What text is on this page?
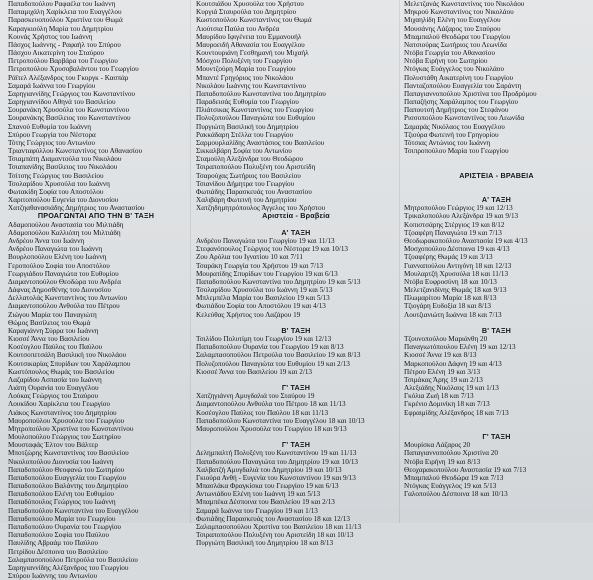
Παπαδοπούλου Ραφαέλα του Ιωάννη
Παπαμιχάλη Χαρίκλεια του Ευαγγέλου
Παρασκευοπούλου Χριστίνα του Θωμά
Καραγκιούλη Μαρία του Δημητρίου
Κουνάς Χρήστος του Ιωάννη
Πάσχος Ιωάννης - Ραφαήλ του Σπύρου
Πάσχου Αικατερίνη του Σταύρου
Πετροπούλου Βαρβάρα του Γεωργίου
Πετροπούλου Χρυσοβαλάντου του Γεωργίου
Ράϊτελ Αλέξανδρος του Γκοργκ - Κασπάρ
Σαμαρά Ιωάννα του Γεωργίου
Σαρηγιαννίδης Γεώργιος του Κωνσταντίνου
Σαρηγιαννίδου Αθηνά του Βασιλείου
Σουρανάκη Χρυσούλα του Κωνσταντίνου
Σουρανάκης Βασίλειος του Κωνσταντίνου
Σπανού Ευθυμία του Ιωάννη
Σπύρου Γεωργία του Νέστορα
Τότης Γεώργιος του Αντωνίου
Τριανταφύλλου Κωνσταντίνος του Αθανασίου
Τσιαμπάτη Διαμαντούλα του Νικολάου
Τσιαπανίδης Βασίλειος του Νικολάου
Τσίτσης Γεώργιος του Βασιλείου
Τσολαρίδου Χρυσούλα του Ιωάννη
Φωτακίδη Σοφία του Αποστόλου
Χαριτοπούλου Ευγενία του Διονυσίου
Χατζηαθανασιάδης Δημήτριος του Αναστασίου
ΠΡΟΑΓΩΝΤΑΙ ΑΠΟ ΤΗΝ Β' ΤΑΞΗ
Αδαμοπούλου Αναστασία του Μιλτιάδη
Αδαμοπούλου Καλλιόπη του Μιλτιάδη
Ανδρέου Άννα του Ιωάννη
Ανδρέου Παναγιώτα του Ιωάννη
Βουρλοπούλου Ελένη του Ιωάννη
Γεροπούλου Σοφία του Αποστόλου
Γεωργιάδου Παναγιώτα του Ευθυμίου
Διαμαντοπούλου Θεοδώρα του Ανδρέα
Δάφνας Δημοσθένης του Διονυσίου
Δελλατολάς Κωνσταντίνος του Αντωνίου
Διαμαντοπούλου Ανθούλα του Πέτρου
Ζιώγου Μαρία του Παναγιώτη
Θώμος Βασίλειος του Θωμά
Καραγιάννη Σύρρα του Ιωάννη
Κιοσσέ Άννα του Βασιλείου
Κοσέογλου Παύλος του Παύλου
Κουτσοπετσάλη Βασιλική του Νικολάου
Κουτσικαρίας Σπυρίδων του Χαράλαμπου
Κωστόπουλος Θωμάς του Βασιλείου
Λαζαρίδου Ασπασία του Ιωάννη
Λιάπη Ουρανία του Ευαγγέλου
Λούκας Γεώργιος του Σταύρου
Λουκίδου Χαρίκλεια του Γεωργίου
Λιάκος Κωνσταντίνος του Δημητρίου
Μαυροπούλου Χρυσούλα του Γεωργίου
Μητροπούλου Χριστίνα του Κωνσταντίνου
Μουλοπούλου Γεώργιος του Σωτηρίου
Μουσταφάς Έλτον του Βάλτερ
Μποτζώρης Κωνσταντίνος του Βασιλείου
Νικολοπούλου Διονυσία του Ιωάννη
Παπαδοπούλου Θεοφανώ του Σωτηρίου
Παπαδοπούλου Ευαγγελία του Γεωργίου
Παπαδοπούλου Βαλάντης του Δημητρίου
Παπαδοπούλου Ελένη του Ευθυμίου
Παπαδόπουλος Γεώργιος του Ιωάννη
Παπαδοπούλου Κωνσταντίνα του Ευαγγέλου
Παπαδοπούλου Μαρία του Γεωργίου
Παπαδοπούλου Ουρανία του Γεωργίου
Παπαδοπούλου Σοφία του Παύλου
Παυλίδης Αβραάμ του Παύλου
Πετρίδου Δέσποινα του Βασιλείου
Σαλαμπασοπούλου Πετρούλα του Βασιλείου
Σαρηγιαννίδης Αλέξανδρος του Γεωργίου
Σπύρου Ιωάννης του Αντωνίου
Κουτσιάδου Χρυσούλα του Χρήστου
Κυργιά Σταυρούλα του Δημητρίου
Κωστοπούλου Κωνσταντίνος του Θωμά
Λιούτσια Παύλα του Ανδρέα
Μαυρίδου Ιφιγένεια του Εμμανουήλ
Μαυροειδή Αθανασία του Ευαγγέλου
Κουντουριάνη Γεσθημανή του Μιχαήλ
Μόσχου Πολυξένη του Γεωργίου
Μουντζούρη Μαρία του Γεωργίου
Μπαντέ Γρηγόριος του Νικολάου
Νικολάου Ιωάννης του Κωνσταντίνου
Παπαδοπούλου Κωνσταντίνα του Δημητρίου
Παραδεισάς Ευθυμία του Γεωργίου
Πλιάτσικας Κωνσταντίνος του Γεωργίου
Πολυζοπούλου Παναγιώτα του Ευθυμίου
Πυργιώτη Βασιλική του Δημητρίου
Ρακκάδαρη Στέλλα του Γεωργίου
Σαρμουρλαλίδης Αναστάσιος του Βασιλείου
Σικκαλβάρη Σοφία του Αντωνίου
Σταμούλη Αλεξάνδρα του Θεοδώρου
Τσιραποπούλου Πολυξένη του Αριστείδη
Τσαρούχας Σωτήριος του Βασιλείου
Τσιανίδου Δήμητρα του Γεωργίου
Φωτιάδης Παρασκευάς του Αναστασίου
Χαλιβάρη Φωτεινή του Δημητρίου
Χατζηδημητρόπουλος Άγγελος του Χρήστου
Αριστεία - Βραβεία
Α' ΤΑΞΗ
Ανδρέου Παναγιώτα του Γεωργίου 19 και 11/13
Στεφανόπουλος Γεώργιος του Νέστορα 19 και 10/13
Ζου Αρόλια του Ιγνατίου 10 και 7/11
Τσαράκη Γεωργία του Χρήστου 19 και 7/13
Μουρατίδης Σπυρίδων του Γεωργίου 19 και 6/13
Παπαδοπούλου Κωνσταντίνα του Δημητρίου 19 και 5/13
Τσολαρίδου Χρυσούλα του Ιωάννη 19 και 5/13
Μπλεμπέλα Μαρία του Βασιλείου 19 και 5/13
Φωτιάδου Σοφία του Αποστόλου 19 και 4/13
Κελεύθας Χρήστος του Λαζάρου 19
Β' ΤΑΞΗ
Τσιλίδου Πολυτίμη του Γεωργίου 19 και 12/13
Παπαδοπούλου Ουρανία του Γεωργίου 19 και 8/13
Σαλαμπασοπούλου Πετρούλα του Βασιλείου 19 και 8/13
Πολυζοπούλου Παναγιώτα του Ευθυμίου 19 και 2/13
Κιοσσέ Άννα του Βασιλείου 19 και 2/13
Γ' ΤΑΞΗ
Χατζηγιάννη Αμυγδαλιά του Σταύρου 19
Διαμαντοπούλου Ανθούλα του Πέτρου 18 και 11/13
Κοσέογλου Παύλος του Παύλου 18 και 11/13
Παπαδοπούλου Κωνσταντίνα του Ευαγγέλου 18 και 10/13
Μαυροπούλου Χρυσούλα του Γεωργίου 18 και 9/13
Γ' ΤΑΞΗ
Δελημπαλτή Πολυξένη του Κωνσταντίνου 19 και 11/13
Παπαδοπούλου Παναγιώτα του Δημητρίου 19 και 10/13
Χαλβατζή Αμυγδαλιά του Δημητρίου 19 και 10/13
Γκιούρα Ανθή - Ευγενία του Κωνσταντίνου 19 και 9/13
Μπασλάκα Φραγκίσκα του Γεωργίου 19 και 6/13
Αντωνιάδου Ελένη του Ιωάννη 19 και 5/13
Μπαμπέκα Δέσποινα του Βασιλείου 19 και 2/13
Σαμαρά Ιωάννα του Γεωργίου 19 και 1/13
Φωτιάδης Παρασκευάς του Αναστασίου 18 και 12/13
Σαλαμπασοπούλου Χριστίνα του Βασιλείου 18 και 11/13
Τσιραποπούλου Πολυξένη του Αριστείδη 18 και 10/13
Πυργιώτη Βασιλική του Δημητρίου 18 και 8/13
Μελετζανάς Κωνσταντίνος του Νικολάου
Μηκρού Κωνσταντίνος του Νικολάου
Μιχαηλίδη Ελένη του Ευαγγέλου
Μουσάνης Λάζαρος του Σταύρου
Μπαμπαλού Θεοδώρα του Γεωργίου
Νατσιούρας Σωτήριος του Λεωνίδα
Ντόβα Γεωργία του Αθανασίου
Ντόβα Ειρήνη του Σωτηρίου
Ντόγκας Ευάγγελος του Νικολάου
Πολυστάθη Αικατερίνη του Γεωργίου
Πανταζοπούλου Ευαγγελία του Σαράντη
Παπαγιαννοπούλου Χριστίνα του Προδρόμου
Παπαζήσης Χαράλαμπος του Γεωργίου
Παπουτσή Δημήτριος του Στεφάνου
Ρισσοπούλου Κωνσταντίνος του Λεωνίδα
Σαμαράς Νικόλαος του Ευαγγέλου
Τζιούρα Φωτεινή του Γρηγορίου
Τότσιας Αντώνιος του Ιωάννη
Τσιπροπούλου Μαρία του Γεωργίου
ΑΡΙΣΤΕΙΑ - ΒΡΑΒΕΙΑ
Α' ΤΑΞΗ
Μητροπούλου Γεώργιος 19 και 12/13
Τρικαλοπούλου Αλεξάνδρα 19 και 9/13
Κοπιστσάρης Στέργιος 19 και 8/12
Τζοαφέρη Παναγιώτα 19 και 7/13
Θεοδωρακοπούλου Αναστασία 19 και 4/13
Μοσχοπούλου Δέσποινα 19 και 4/13
Τζοαφέρης Θωμάς 19 και 3/13
Γιανναπούλου Αντιγόνη 18 και 12/13
Μουλαρτζή Χρυσούλα 18 και 11/13
Ντόβα Ευφροσύνη 18 και 10/13
Μελετζανιδίνης Θωμάς 18 και 9/13
Πλωμαρίτου Μαρία 18 και 8/13
Τζιογάρη Ευδοξία 18 και 8/13
Λουτζιανιώτη Ιωάννα 18 και 7/13
Β' ΤΑΞΗ
Τζουνοπούλου Μαριάνθη 20
Παναγιωτόπουλου Ελένη 19 και 12/13
Κιοσσέ Άννα 19 και 8/13
Μαρκοπούλου Δάφνη 19 και 4/13
Πέτρου Ελένη 19 και 3/13
Τσιμάκας Άρης 19 και 2/13
Αλεξιάδης Νικόλαος 19 και 1/13
Γκόλια Ζωή 18 και 7/13
Γκρένιο Δομινίκη 18 και 7/13
Εφραιμίδης Αλέξανδρος 18 και 7/13
Γ' ΤΑΞΗ
Μουρίσκα Λάζαρος 20
Παπαγιαννοπούλου Χριστίνα 20
Ντόβα Ειρήνη 19 και 8/13
Θεοχαρακοπούλου Αναστασία 19 και 7/13
Μπαμπαλού Θεοδώρα 19 και 7/13
Ντόγκας Ευάγγελος 19 και 5/13
Γαλοπούλου Δέσποινα 18 και 10/13
